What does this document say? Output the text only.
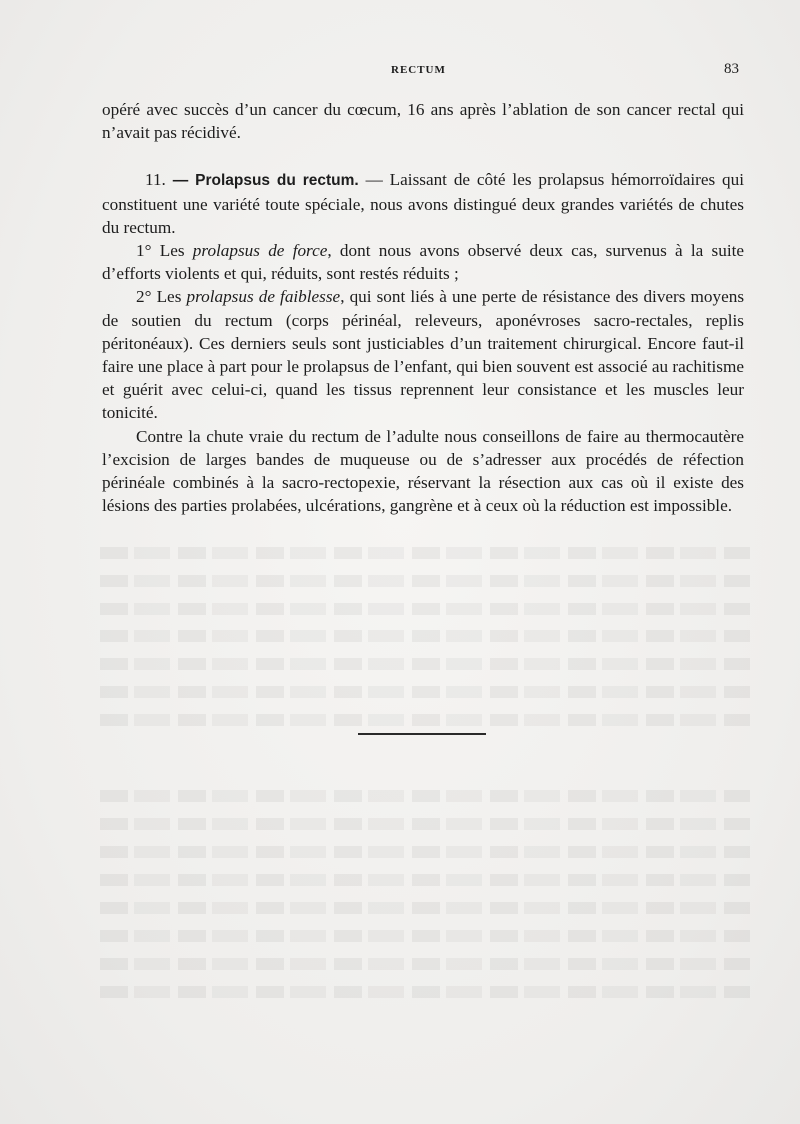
RECTUM	83

opéré avec succès d’un cancer du cœcum, 16 ans après l’ablation de son cancer rectal qui n’avait pas récidivé.

11. — Prolapsus du rectum. — Laissant de côté les prolapsus hémorroïdaires qui constituent une variété toute spéciale, nous avons distingué deux grandes variétés de chutes du rectum.

1° Les prolapsus de force, dont nous avons observé deux cas, survenus à la suite d’efforts violents et qui, réduits, sont restés réduits ;

2° Les prolapsus de faiblesse, qui sont liés à une perte de résistance des divers moyens de soutien du rectum (corps périnéal, releveurs, aponévroses sacro-rectales, replis péritonéaux). Ces derniers seuls sont justiciables d’un traitement chirurgical. Encore faut-il faire une place à part pour le prolapsus de l’enfant, qui bien souvent est associé au rachitisme et guérit avec celui-ci, quand les tissus reprennent leur consistance et les muscles leur tonicité.

Contre la chute vraie du rectum de l’adulte nous conseillons de faire au thermocautère l’excision de larges bandes de muqueuse ou de s’adresser aux procédés de réfection périnéale combinés à la sacro-rectopexie, réservant la résection aux cas où il existe des lésions des parties prolabées, ulcérations, gangrène et à ceux où la réduction est impossible.
